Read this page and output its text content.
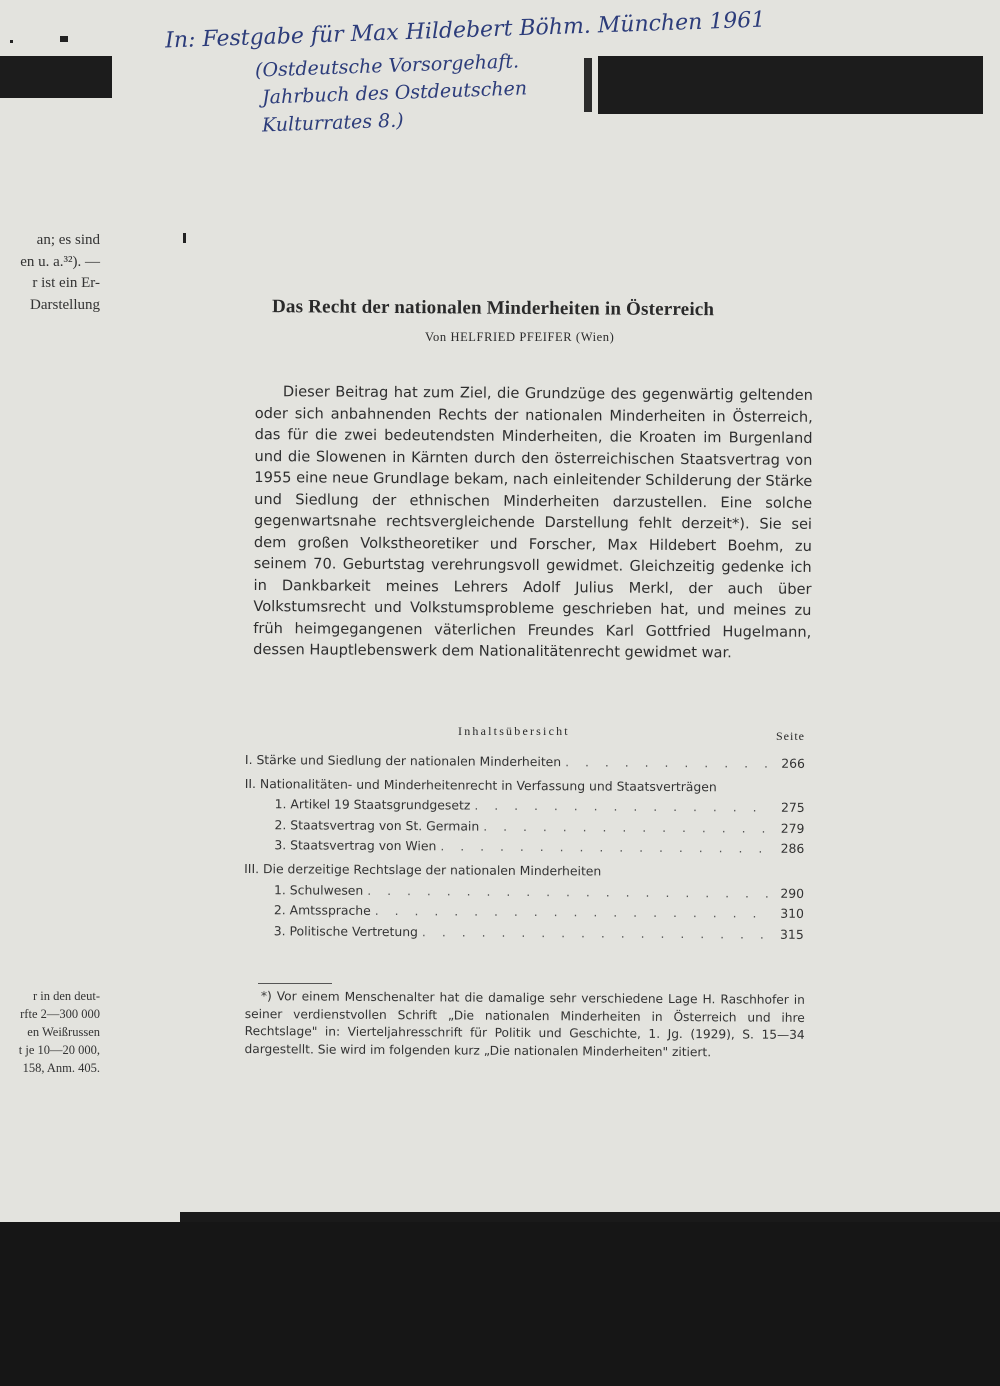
In: Festgabe für Max Hildebert Böhm. München 1961
(Ostdeutsche Vorsorgehaft.
Jahrbuch des Ostdeutschen
Kulturrates 8.)
an; es sind
en u. a.³²). —
r ist ein Er-
Darstellung
r in den deut-
rfte 2—300 000
en Weißrussen
t je 10—20 000,
158, Anm. 405.
Das Recht der nationalen Minderheiten in Österreich
Von HELFRIED PFEIFER (Wien)
Dieser Beitrag hat zum Ziel, die Grundzüge des gegenwärtig geltenden oder sich anbahnenden Rechts der nationalen Minderheiten in Österreich, das für die zwei bedeutendsten Minderheiten, die Kroaten im Burgenland und die Slowenen in Kärnten durch den österreichischen Staatsvertrag von 1955 eine neue Grundlage bekam, nach einleitender Schilderung der Stärke und Siedlung der ethnischen Minderheiten darzustellen. Eine solche gegenwartsnahe rechtsvergleichende Darstellung fehlt derzeit*). Sie sei dem großen Volkstheoretiker und Forscher, Max Hildebert Boehm, zu seinem 70. Geburtstag verehrungsvoll gewidmet. Gleichzeitig gedenke ich in Dankbarkeit meines Lehrers Adolf Julius Merkl, der auch über Volkstumsrecht und Volkstumsprobleme geschrieben hat, und meines zu früh heimgegangenen väterlichen Freundes Karl Gottfried Hugelmann, dessen Hauptlebenswerk dem Nationalitätenrecht gewidmet war.
Inhaltsübersicht	Seite
I. Stärke und Siedlung der nationalen Minderheiten . . .	266
II. Nationalitäten- und Minderheitenrecht in Verfassung und Staatsverträgen
1. Artikel 19 Staatsgrundgesetz . . .	275
2. Staatsvertrag von St. Germain . . .	279
3. Staatsvertrag von Wien . . .	286
III. Die derzeitige Rechtslage der nationalen Minderheiten
1. Schulwesen . . .	290
2. Amtssprache . . .	310
3. Politische Vertretung . . .	315
*) Vor einem Menschenalter hat die damalige sehr verschiedene Lage H. Raschhofer in seiner verdienstvollen Schrift „Die nationalen Minderheiten in Österreich und ihre Rechtslage" in: Vierteljahresschrift für Politik und Geschichte, 1. Jg. (1929), S. 15—34 dargestellt. Sie wird im folgenden kurz „Die nationalen Minderheiten" zitiert.
